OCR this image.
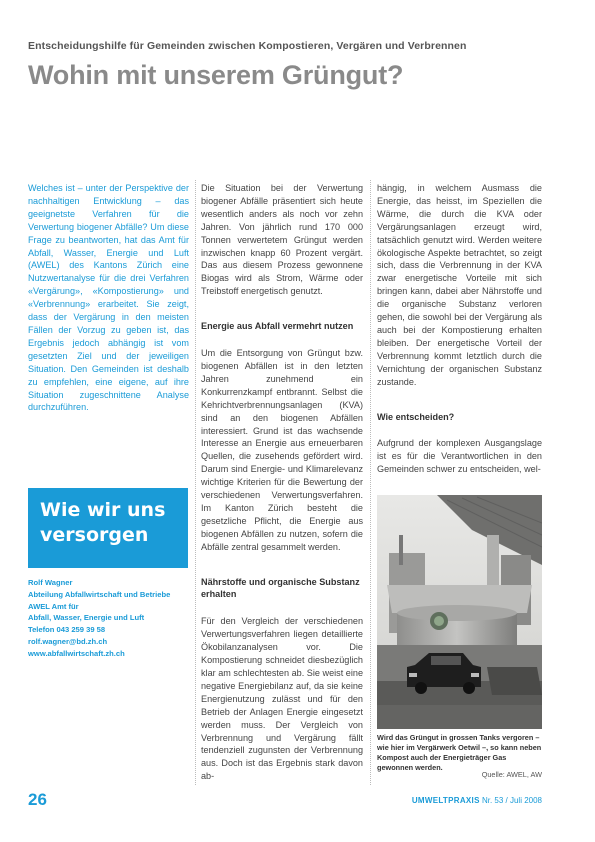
Entscheidungshilfe für Gemeinden zwischen Kompostieren, Vergären und Verbrennen
Wohin mit unserem Grüngut?

Welches ist – unter der Perspektive der nachhaltigen Entwicklung – das geeignetste Verfahren für die Verwertung biogener Abfälle? Um diese Frage zu beantworten, hat das Amt für Abfall, Wasser, Energie und Luft (AWEL) des Kantons Zürich eine Nutzwertanalyse für die drei Verfahren «Vergärung», «Kompostierung» und «Verbrennung» erarbeitet. Sie zeigt, dass der Vergärung in den meisten Fällen der Vorzug zu geben ist, das Ergebnis jedoch abhängig ist vom gesetzten Ziel und der jeweiligen Situation. Den Gemeinden ist deshalb zu empfehlen, eine eigene, auf ihre Situation zugeschnittene Analyse durchzuführen.

Die Situation bei der Verwertung biogener Abfälle präsentiert sich heute wesentlich anders als noch vor zehn Jahren. Von jährlich rund 170 000 Tonnen verwertetem Grüngut werden inzwischen knapp 60 Prozent vergärt. Das aus diesem Prozess gewonnene Biogas wird als Strom, Wärme oder Treibstoff energetisch genutzt.

Energie aus Abfall vermehrt nutzen

Um die Entsorgung von Grüngut bzw. biogenen Abfällen ist in den letzten Jahren zunehmend ein Konkurrenzkampf entbrannt. Selbst die Kehrichtverbrennungsanlagen (KVA) sind an den biogenen Abfällen interessiert. Grund ist das wachsende Interesse an Energie aus erneuerbaren Quellen, die zusehends gefördert wird. Darum sind Energie- und Klimarelevanz wichtige Kriterien für die Bewertung der verschiedenen Verwertungsverfahren. Im Kanton Zürich besteht die gesetzliche Pflicht, die Energie aus biogenen Abfällen zu nutzen, sofern die Abfälle zentral gesammelt werden.

Nährstoffe und organische Substanz erhalten

Für den Vergleich der verschiedenen Verwertungsverfahren liegen detaillierte Ökobilanzanalysen vor. Die Kompostierung schneidet diesbezüglich klar am schlechtesten ab. Sie weist eine negative Energiebilanz auf, da sie keine Energienutzung zulässt und für den Betrieb der Anlagen Energie eingesetzt werden muss. Der Vergleich von Verbrennung und Vergärung fällt tendenziell zugunsten der Verbrennung aus. Doch ist das Ergebnis stark davon ab-

hängig, in welchem Ausmass die Energie, das heisst, im Speziellen die Wärme, die durch die KVA oder Vergärungsanlagen erzeugt wird, tatsächlich genutzt wird. Werden weitere ökologische Aspekte betrachtet, so zeigt sich, dass die Verbrennung in der KVA zwar energetische Vorteile mit sich bringen kann, dabei aber Nährstoffe und die organische Substanz verloren gehen, die sowohl bei der Vergärung als auch bei der Kompostierung erhalten bleiben. Der energetische Vorteil der Verbrennung kommt letztlich durch die Vernichtung der organischen Substanz zustande.

Wie entscheiden?

Aufgrund der komplexen Ausgangslage ist es für die Verantwortlichen in den Gemeinden schwer zu entscheiden, wel-

Wie wir uns versorgen
Rolf Wagner
Abteilung Abfallwirtschaft und Betriebe
AWEL Amt für
Abfall, Wasser, Energie und Luft
Telefon 043 259 39 58
rolf.wagner@bd.zh.ch
www.abfallwirtschaft.zh.ch
Wird das Grüngut in grossen Tanks vergoren – wie hier im Vergärwerk Oetwil –, so kann neben Kompost auch der Energieträger Gas gewonnen werden.
Quelle: AWEL, AW
26	UMWELTPRAXIS Nr. 53 / Juli 2008
